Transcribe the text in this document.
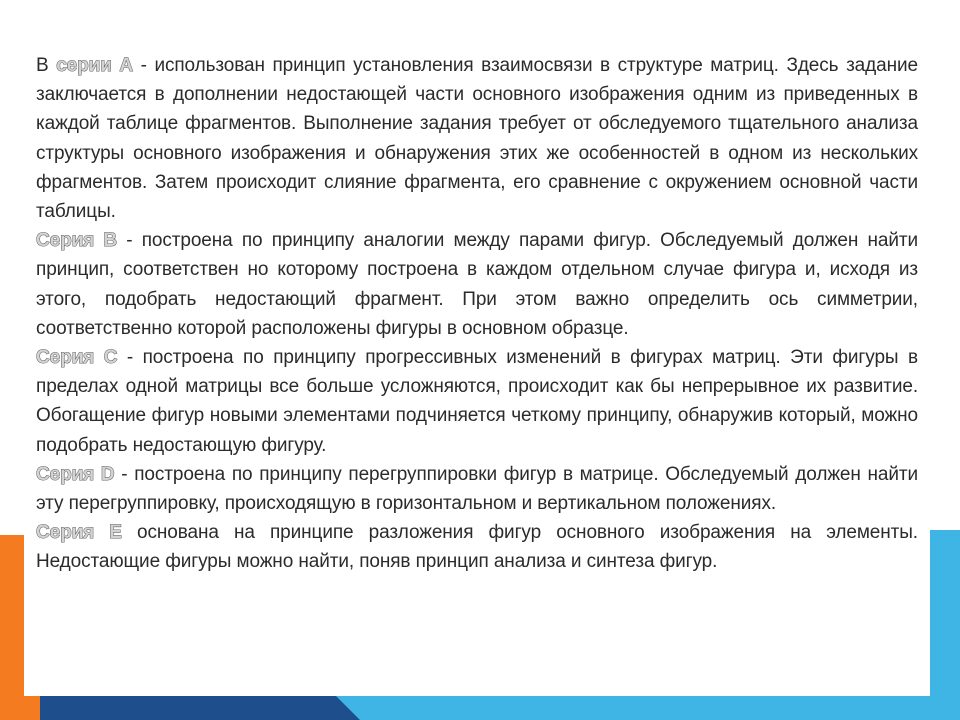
В серии А - использован принцип установления взаимосвязи в структуре матриц. Здесь задание заключается в дополнении недостающей части основного изображения одним из приведенных в каждой таблице фрагментов. Выполнение задания требует от обследуемого тщательного анализа структуры основного изображения и обнаружения этих же особенностей в одном из нескольких фрагментов. Затем происходит слияние фрагмента, его сравнение с окружением основной части таблицы.

Серия В - построена по принципу аналогии между парами фигур. Обследуемый должен найти принцип, соответствен но которому построена в каждом отдельном случае фигура и, исходя из этого, подобрать недостающий фрагмент. При этом важно определить ось симметрии, соответственно которой расположены фигуры в основном образце.

Серия С - построена по принципу прогрессивных изменений в фигурах матриц. Эти фигуры в пределах одной матрицы все больше усложняются, происходит как бы непрерывное их развитие. Обогащение фигур новыми элементами подчиняется четкому принципу, обнаружив который, можно подобрать недостающую фигуру.

Серия D - построена по принципу перегруппировки фигур в матрице. Обследуемый должен найти эту перегруппировку, происходящую в горизонтальном и вертикальном положениях.

Серия Е основана на принципе разложения фигур основного изображения на элементы. Недостающие фигуры можно найти, поняв принцип анализа и синтеза фигур.
